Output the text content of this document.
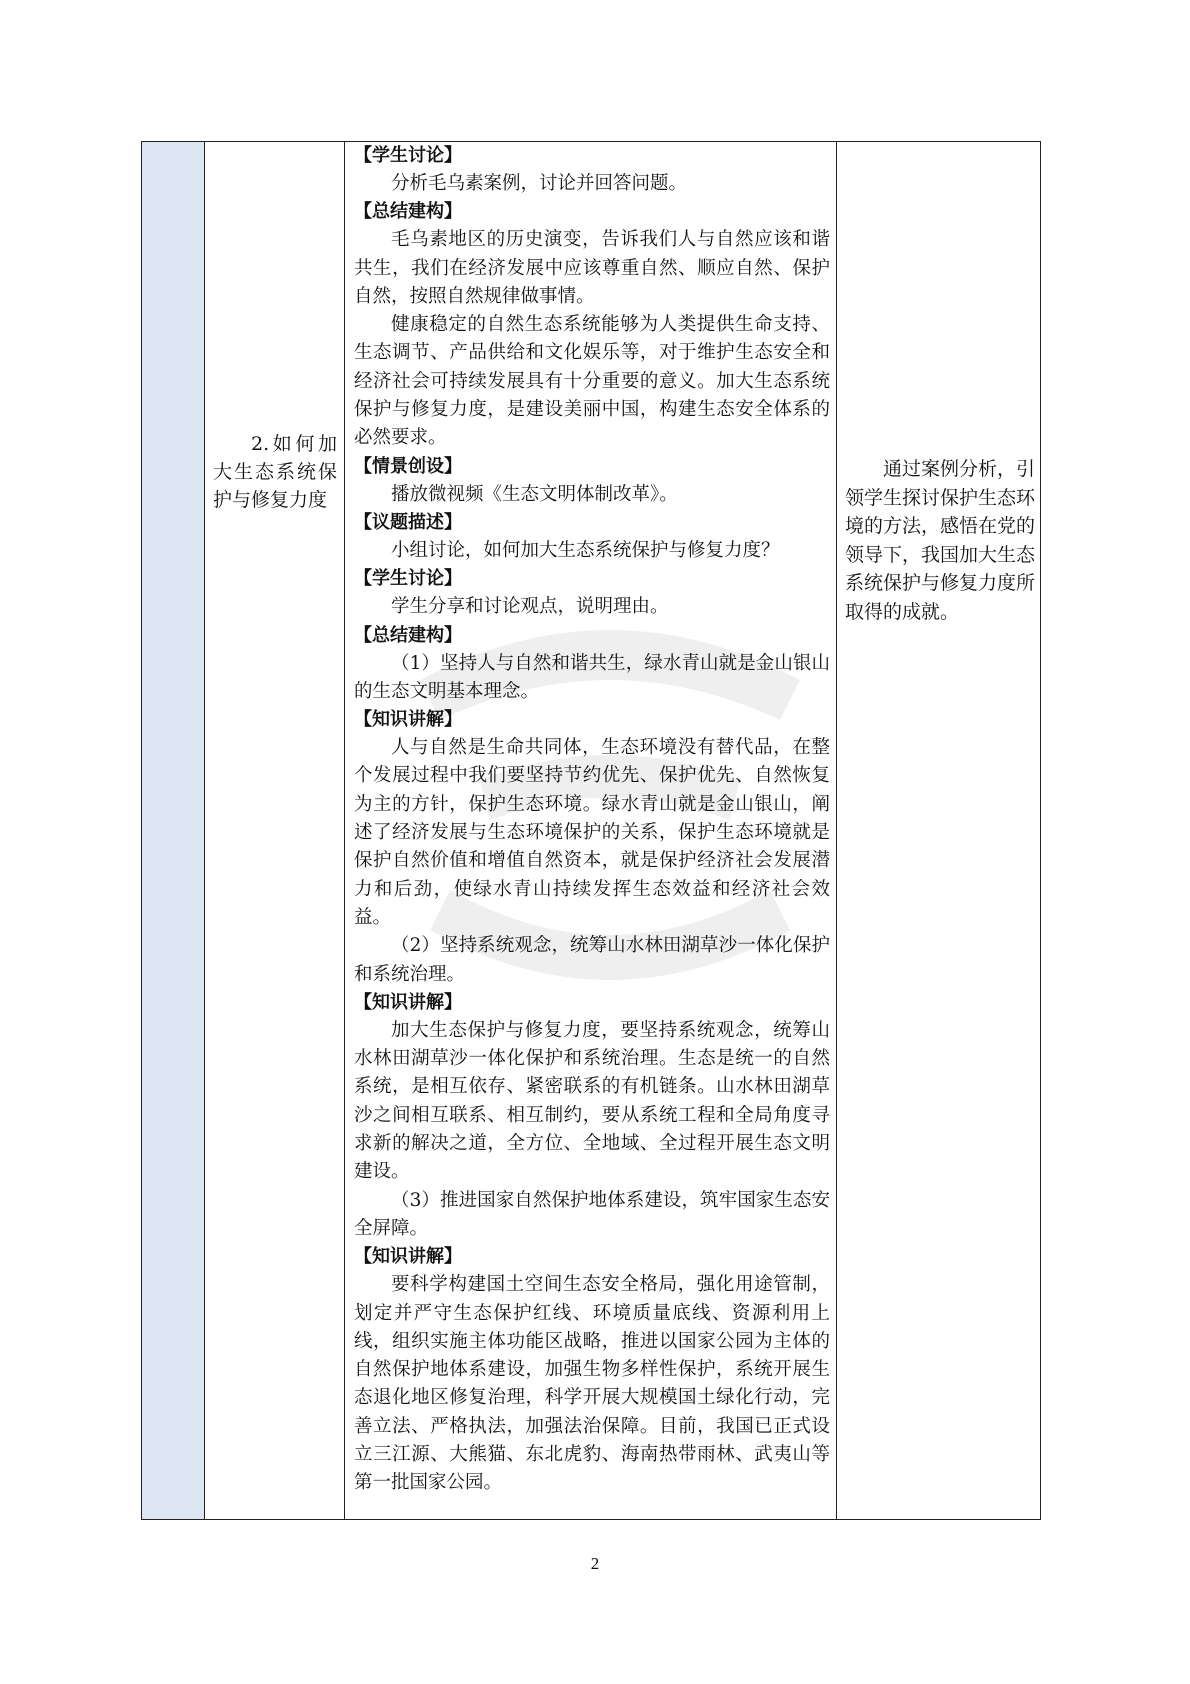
2.如何加大生态系统保护与修复力度

【学生讨论】

分析毛乌素案例，讨论并回答问题。

【总结建构】

毛乌素地区的历史演变，告诉我们人与自然应该和谐共生，我们在经济发展中应该尊重自然、顺应自然、保护自然，按照自然规律做事情。

健康稳定的自然生态系统能够为人类提供生命支持、生态调节、产品供给和文化娱乐等，对于维护生态安全和经济社会可持续发展具有十分重要的意义。加大生态系统保护与修复力度，是建设美丽中国，构建生态安全体系的必然要求。

【情景创设】

播放微视频《生态文明体制改革》。

【议题描述】

小组讨论，如何加大生态系统保护与修复力度？

【学生讨论】

学生分享和讨论观点，说明理由。

【总结建构】

（1）坚持人与自然和谐共生，绿水青山就是金山银山的生态文明基本理念。

【知识讲解】

人与自然是生命共同体，生态环境没有替代品，在整个发展过程中我们要坚持节约优先、保护优先、自然恢复为主的方针，保护生态环境。绿水青山就是金山银山，阐述了经济发展与生态环境保护的关系，保护生态环境就是保护自然价值和增值自然资本，就是保护经济社会发展潜力和后劲，使绿水青山持续发挥生态效益和经济社会效益。

（2）坚持系统观念，统筹山水林田湖草沙一体化保护和系统治理。

【知识讲解】

加大生态保护与修复力度，要坚持系统观念，统筹山水林田湖草沙一体化保护和系统治理。生态是统一的自然系统，是相互依存、紧密联系的有机链条。山水林田湖草沙之间相互联系、相互制约，要从系统工程和全局角度寻求新的解决之道，全方位、全地域、全过程开展生态文明建设。

（3）推进国家自然保护地体系建设，筑牢国家生态安全屏障。

【知识讲解】

要科学构建国土空间生态安全格局，强化用途管制，划定并严守生态保护红线、环境质量底线、资源利用上线，组织实施主体功能区战略，推进以国家公园为主体的自然保护地体系建设，加强生物多样性保护，系统开展生态退化地区修复治理，科学开展大规模国土绿化行动，完善立法、严格执法，加强法治保障。目前，我国已正式设立三江源、大熊猫、东北虎豹、海南热带雨林、武夷山等第一批国家公园。

通过案例分析，引领学生探讨保护生态环境的方法，感悟在党的领导下，我国加大生态系统保护与修复力度所取得的成就。
2
